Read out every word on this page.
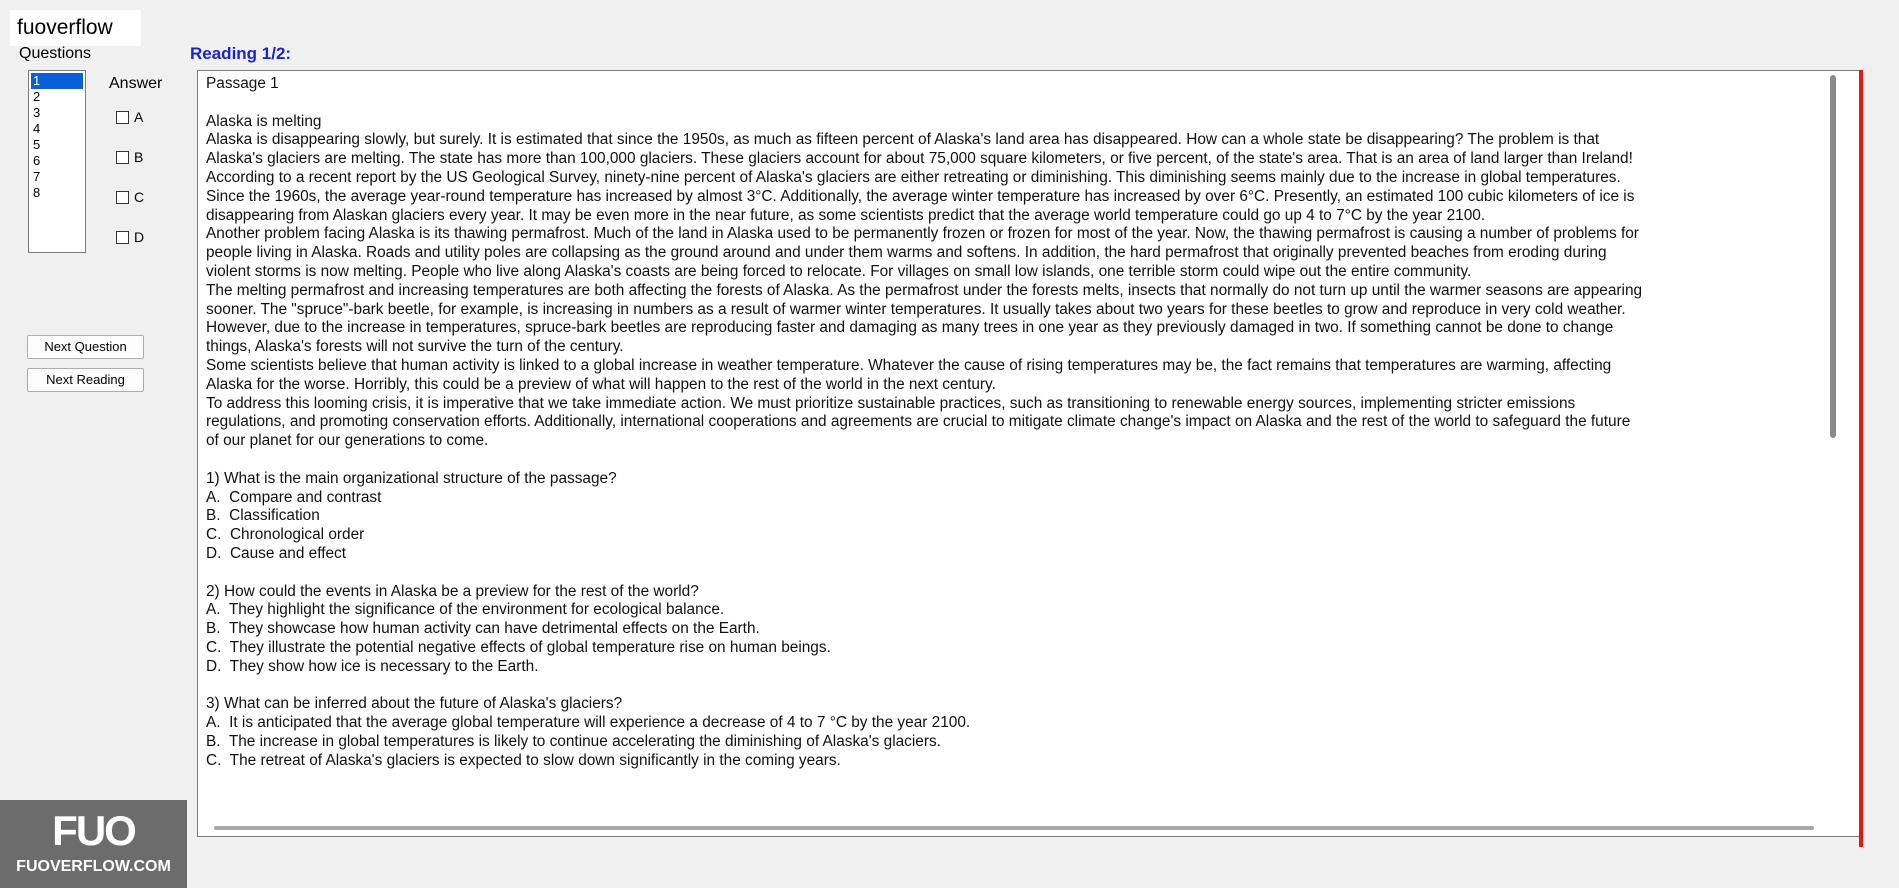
fuoverflow
Questions	Reading 1/2:
1
2
3
4
5
6
7
8
Answer
A
B
C
D
Next Question
Next Reading
Passage 1

Alaska is melting
Alaska is disappearing slowly, but surely. It is estimated that since the 1950s, as much as fifteen percent of Alaska's land area has disappeared. How can a whole state be disappearing? The problem is that Alaska's glaciers are melting. The state has more than 100,000 glaciers. These glaciers account for about 75,000 square kilometers, or five percent, of the state's area. That is an area of land larger than Ireland!
According to a recent report by the US Geological Survey, ninety-nine percent of Alaska's glaciers are either retreating or diminishing. This diminishing seems mainly due to the increase in global temperatures. Since the 1960s, the average year-round temperature has increased by almost 3°C. Additionally, the average winter temperature has increased by over 6°C. Presently, an estimated 100 cubic kilometers of ice is disappearing from Alaskan glaciers every year. It may be even more in the near future, as some scientists predict that the average world temperature could go up 4 to 7°C by the year 2100.
Another problem facing Alaska is its thawing permafrost. Much of the land in Alaska used to be permanently frozen or frozen for most of the year. Now, the thawing permafrost is causing a number of problems for people living in Alaska. Roads and utility poles are collapsing as the ground around and under them warms and softens. In addition, the hard permafrost that originally prevented beaches from eroding during violent storms is now melting. People who live along Alaska's coasts are being forced to relocate. For villages on small low islands, one terrible storm could wipe out the entire community.
The melting permafrost and increasing temperatures are both affecting the forests of Alaska. As the permafrost under the forests melts, insects that normally do not turn up until the warmer seasons are appearing sooner. The "spruce"-bark beetle, for example, is increasing in numbers as a result of warmer winter temperatures. It usually takes about two years for these beetles to grow and reproduce in very cold weather. However, due to the increase in temperatures, spruce-bark beetles are reproducing faster and damaging as many trees in one year as they previously damaged in two. If something cannot be done to change things, Alaska's forests will not survive the turn of the century.
Some scientists believe that human activity is linked to a global increase in weather temperature. Whatever the cause of rising temperatures may be, the fact remains that temperatures are warming, affecting Alaska for the worse. Horribly, this could be a preview of what will happen to the rest of the world in the next century.
To address this looming crisis, it is imperative that we take immediate action. We must prioritize sustainable practices, such as transitioning to renewable energy sources, implementing stricter emissions regulations, and promoting conservation efforts. Additionally, international cooperations and agreements are crucial to mitigate climate change's impact on Alaska and the rest of the world to safeguard the future of our planet for our generations to come.

1) What is the main organizational structure of the passage?
A.  Compare and contrast
B.  Classification
C.  Chronological order
D.  Cause and effect

2) How could the events in Alaska be a preview for the rest of the world?
A.  They highlight the significance of the environment for ecological balance.
B.  They showcase how human activity can have detrimental effects on the Earth.
C.  They illustrate the potential negative effects of global temperature rise on human beings.
D.  They show how ice is necessary to the Earth.

3) What can be inferred about the future of Alaska's glaciers?
A.  It is anticipated that the average global temperature will experience a decrease of 4 to 7 °C by the year 2100.
B.  The increase in global temperatures is likely to continue accelerating the diminishing of Alaska's glaciers.
C.  The retreat of Alaska's glaciers is expected to slow down significantly in the coming years.
FUO
FUOVERFLOW.COM
